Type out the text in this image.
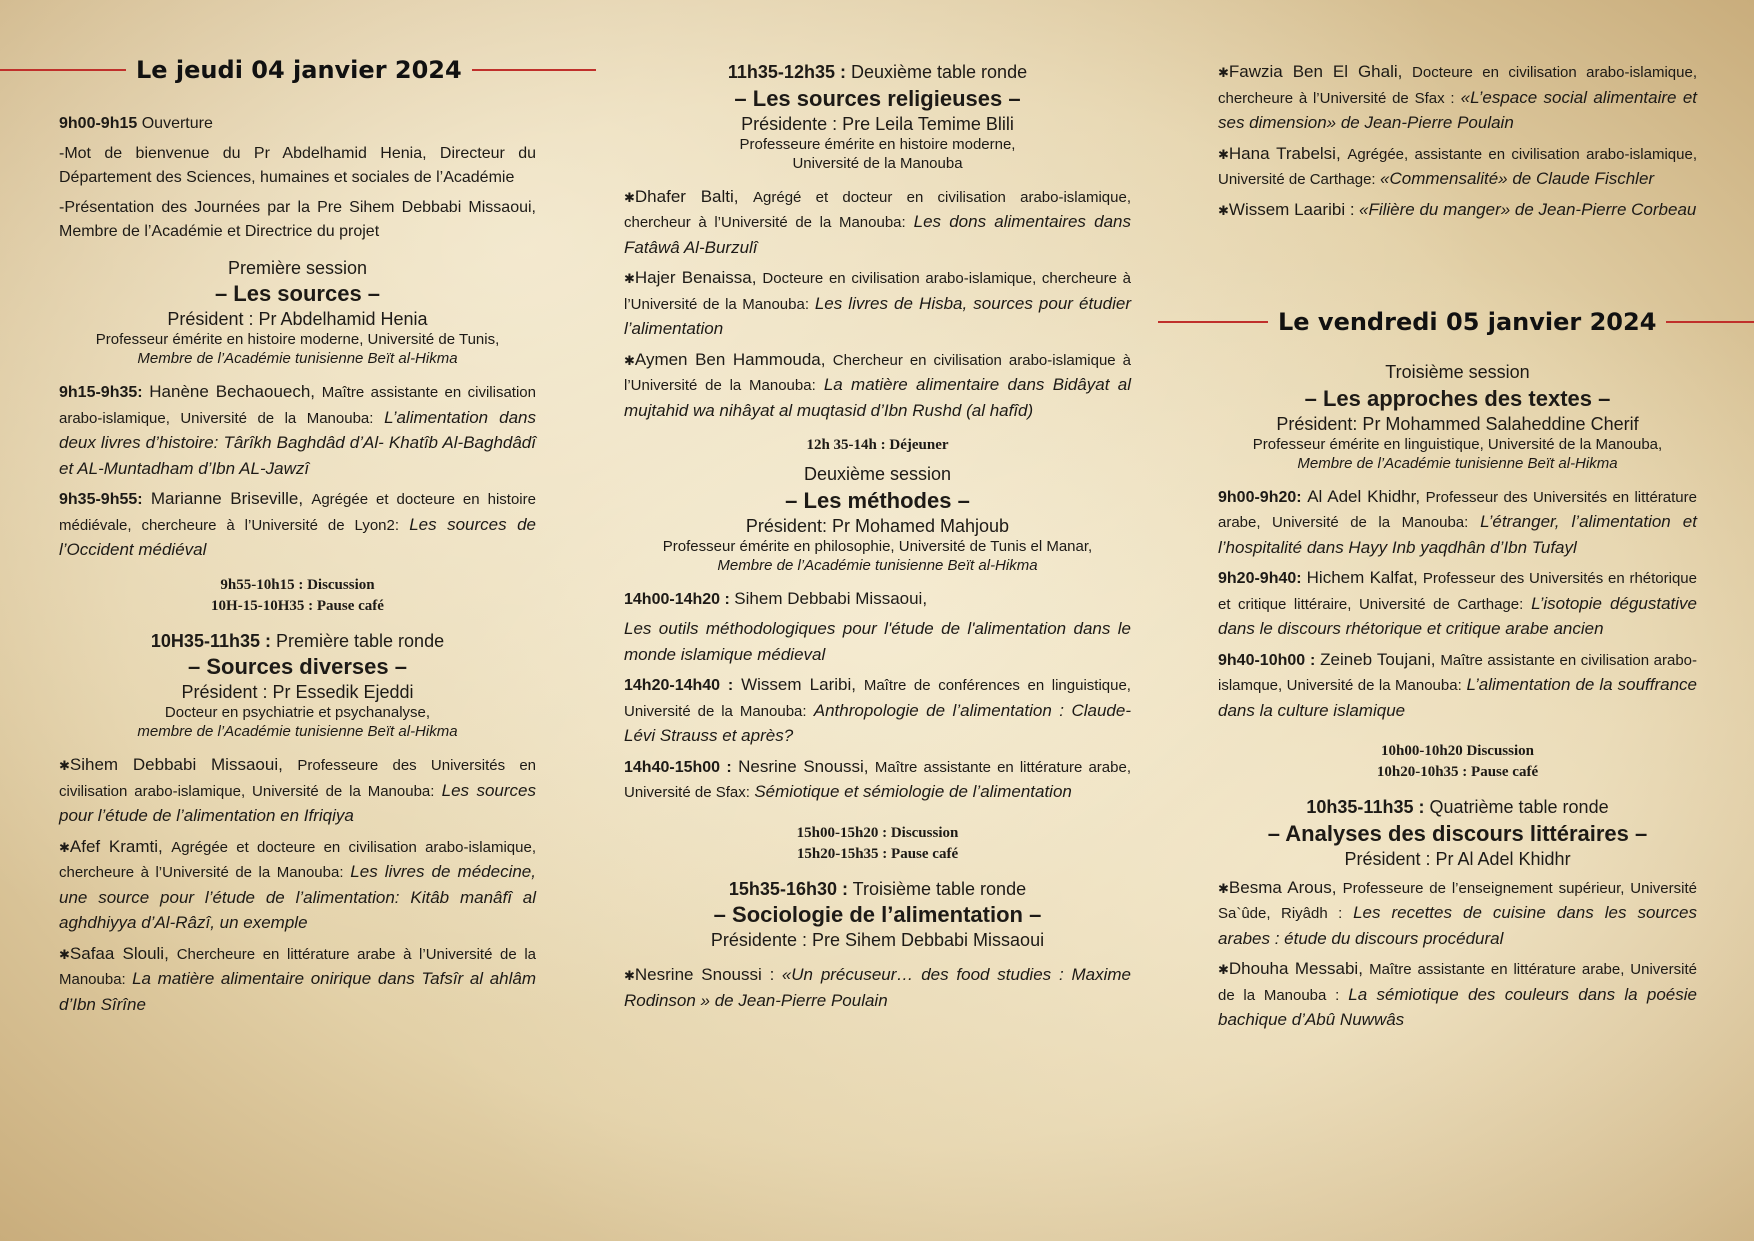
Le jeudi 04 janvier 2024

9h00-9h15 Ouverture

-Mot de bienvenue du Pr Abdelhamid Henia, Directeur du Département des Sciences, humaines et sociales de l’Académie

-Présentation des Journées par la Pre Sihem Debbabi Missaoui, Membre de l’Académie et Directrice du projet

Première session
– Les sources –
Président : Pr Abdelhamid Henia
Professeur émérite en histoire moderne, Université de Tunis,
Membre de l’Académie tunisienne Beït al-Hikma

9h15-9h35: Hanène Bechaouech, Maître assistante en civilisation arabo-islamique, Université de la Manouba: L’alimentation dans deux livres d’histoire: Târîkh Baghdâd d’Al- Khatîb Al-Baghdâdî et AL-Muntadham d’Ibn AL-Jawzî

9h35-9h55: Marianne Briseville, Agrégée et docteure en histoire médiévale, chercheure à l’Université de Lyon2: Les sources de l’Occident médiéval

9h55-10h15 : Discussion
10H-15-10H35 : Pause café
10H35-11h35 : Première table ronde
– Sources diverses –
Président : Pr Essedik Ejeddi
Docteur en psychiatrie et psychanalyse,
membre de l’Académie tunisienne Beït al-Hikma

✱Sihem Debbabi Missaoui, Professeure des Universités en civilisation arabo-islamique, Université de la Manouba: Les sources pour l’étude de l’alimentation en Ifriqiya

✱Afef Kramti, Agrégée et docteure en civilisation arabo-islamique, chercheure à l’Université de la Manouba: Les livres de médecine, une source pour l’étude de l’alimentation: Kitâb manâfî al aghdhiyya d’Al-Râzî, un exemple

✱Safaa Slouli, Chercheure en littérature arabe à l’Université de la Manouba: La matière alimentaire onirique dans Tafsîr al ahlâm d’Ibn Sîrîne

11h35-12h35 : Deuxième table ronde
– Les sources religieuses –
Présidente : Pre Leila Temime Blili
Professeure émérite en histoire moderne,
Université de la Manouba

✱Dhafer Balti, Agrégé et docteur en civilisation arabo-islamique, chercheur à l’Université de la Manouba: Les dons alimentaires dans Fatâwâ Al-Burzulî

✱Hajer Benaissa, Docteure en civilisation arabo-islamique, chercheure à l’Université de la Manouba: Les livres de Hisba, sources pour étudier l’alimentation

✱Aymen Ben Hammouda, Chercheur en civilisation arabo-islamique à l’Université de la Manouba: La matière alimentaire dans Bidâyat al mujtahid wa nihâyat al muqtasid d’Ibn Rushd (al hafîd)

12h 35-14h : Déjeuner
Deuxième session
– Les méthodes –
Président: Pr Mohamed Mahjoub
Professeur émérite en philosophie, Université de Tunis el Manar,
Membre de l’Académie tunisienne Beït al-Hikma

14h00-14h20 : Sihem Debbabi Missaoui,

Les outils méthodologiques pour l'étude de l'alimentation dans le monde islamique médieval

14h20-14h40 : Wissem Laribi, Maître de conférences en linguistique, Université de la Manouba: Anthropologie de l’alimentation : Claude-Lévi Strauss et après?

14h40-15h00 : Nesrine Snoussi, Maître assistante en littérature arabe, Université de Sfax: Sémiotique et sémiologie de l’alimentation

15h00-15h20 : Discussion
15h20-15h35 : Pause café
15h35-16h30 : Troisième table ronde
– Sociologie de l’alimentation –
Présidente : Pre Sihem Debbabi Missaoui

✱Nesrine Snoussi : «Un précuseur… des food studies : Maxime Rodinson » de Jean-Pierre Poulain

✱Fawzia Ben El Ghali, Docteure en civilisation arabo-islamique, chercheure à l’Université de Sfax : «L’espace social alimentaire et ses dimension» de Jean-Pierre Poulain

✱Hana Trabelsi, Agrégée, assistante en civilisation arabo-islamique, Université de Carthage: «Commensalité» de Claude Fischler

✱Wissem Laaribi : «Filière du manger» de Jean-Pierre Corbeau

Le vendredi 05 janvier 2024
Troisième session
– Les approches des textes –
Président: Pr Mohammed Salaheddine Cherif
Professeur émérite en linguistique, Université de la Manouba,
Membre de l’Académie tunisienne Beït al-Hikma

9h00-9h20: Al Adel Khidhr, Professeur des Universités en littérature arabe, Université de la Manouba: L’étranger, l’alimentation et l’hospitalité dans Hayy Inb yaqdhân d’Ibn Tufayl

9h20-9h40: Hichem Kalfat, Professeur des Universités en rhétorique et critique littéraire, Université de Carthage: L’isotopie dégustative dans le discours rhétorique et critique arabe ancien

9h40-10h00 : Zeineb Toujani, Maître assistante en civilisation arabo-islamque, Université de la Manouba: L’alimentation de la souffrance dans la culture islamique

10h00-10h20 Discussion
10h20-10h35 : Pause café
10h35-11h35 : Quatrième table ronde
– Analyses des discours littéraires –
Président : Pr Al Adel Khidhr

✱Besma Arous, Professeure de l’enseignement supérieur, Université Sa`ûde, Riyâdh : Les recettes de cuisine dans les sources arabes : étude du discours procédural

✱Dhouha Messabi, Maître assistante en littérature arabe, Université de la Manouba : La sémiotique des couleurs dans la poésie bachique d’Abû Nuwwâs
